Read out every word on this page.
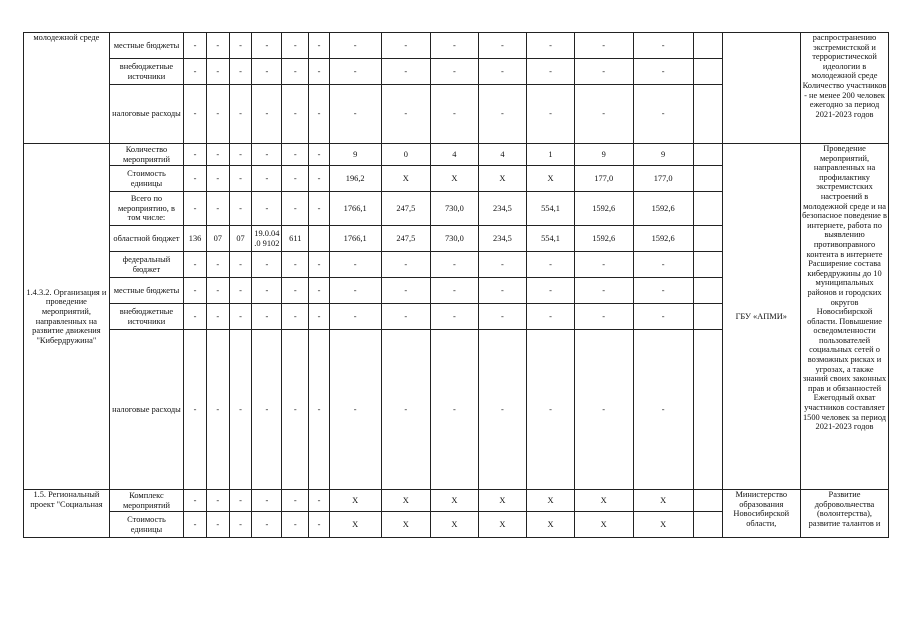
молодежной среде	местные бюджеты	-	-	-	-	-	-	-	-	-	-	-	-	-			распространению экстремистской и террористической идеологии в молодежной среде Количество участников - не менее 200 человек ежегодно за период 2021-2023 годов
	внебюджетные источники	-	-	-	-	-	-	-	-	-	-	-	-	-			
	налоговые расходы	-	-	-	-	-	-	-	-	-	-	-	-	-			
1.4.3.2. Организация и проведение мероприятий, направленных на развитие движения "Кибердружина"	Количество мероприятий	-	-	-	-	-	-	9	0	4	4	1	9	9		ГБУ «АПМИ»	Проведение мероприятий, направленных на профилактику экстремистских настроений в молодежной среде и на безопасное поведение в интернете, работа по выявлению противоправного контента в интернете Расширение состава кибердружины до 10 муниципальных районов и городских округов Новосибирской области. Повышение осведомленности пользователей социальных сетей о возможных рисках и угрозах, а также знаний своих законных прав и обязанностей Ежегодный охват участников составляет 1500 человек за период 2021-2023 годов
	Стоимость единицы	-	-	-	-	-	-	196,2	X	X	X	X	177,0	177,0			
	Всего по мероприятию, в том числе:	-	-	-	-	-	-	1766,1	247,5	730,0	234,5	554,1	1592,6	1592,6			
	областной бюджет	136	07	07	19.0.04.0 9102	611		1766,1	247,5	730,0	234,5	554,1	1592,6	1592,6			
	федеральный бюджет	-	-	-	-	-	-	-	-	-	-	-	-	-			
	местные бюджеты	-	-	-	-	-	-	-	-	-	-	-	-	-			
	внебюджетные источники	-	-	-	-	-	-	-	-	-	-	-	-	-			
	налоговые расходы	-	-	-	-	-	-	-	-	-	-	-	-	-			
1.5. Региональный проект "Социальная	Комплекс мероприятий	-	-	-	-	-	-	X	X	X	X	X	X	X		Министерство образования Новосибирской области,	Развитие добровольчества (волонтерства), развитие талантов и
	Стоимость единицы	-	-	-	-	-	-	X	X	X	X	X	X	X			
